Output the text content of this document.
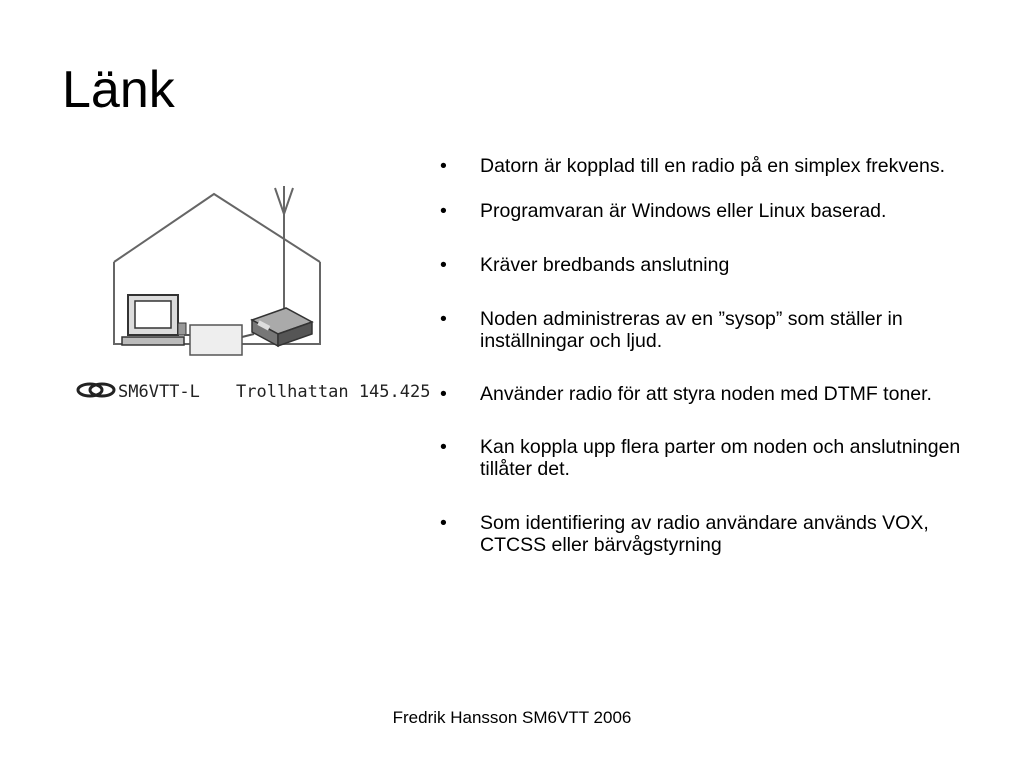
Länk
SM6VTT-L Trollhattan 145.425
• Datorn är kopplad till en radio på en simplex frekvens.
• Programvaran är Windows eller Linux baserad.
• Kräver bredbands anslutning
• Noden administreras av en ”sysop” som ställer in inställningar och ljud.
• Använder radio för att styra noden med DTMF toner.
• Kan koppla upp flera parter om noden och anslutningen tillåter det.
• Som identifiering av radio användare används VOX, CTCSS eller bärvågstyrning
Fredrik Hansson SM6VTT 2006
